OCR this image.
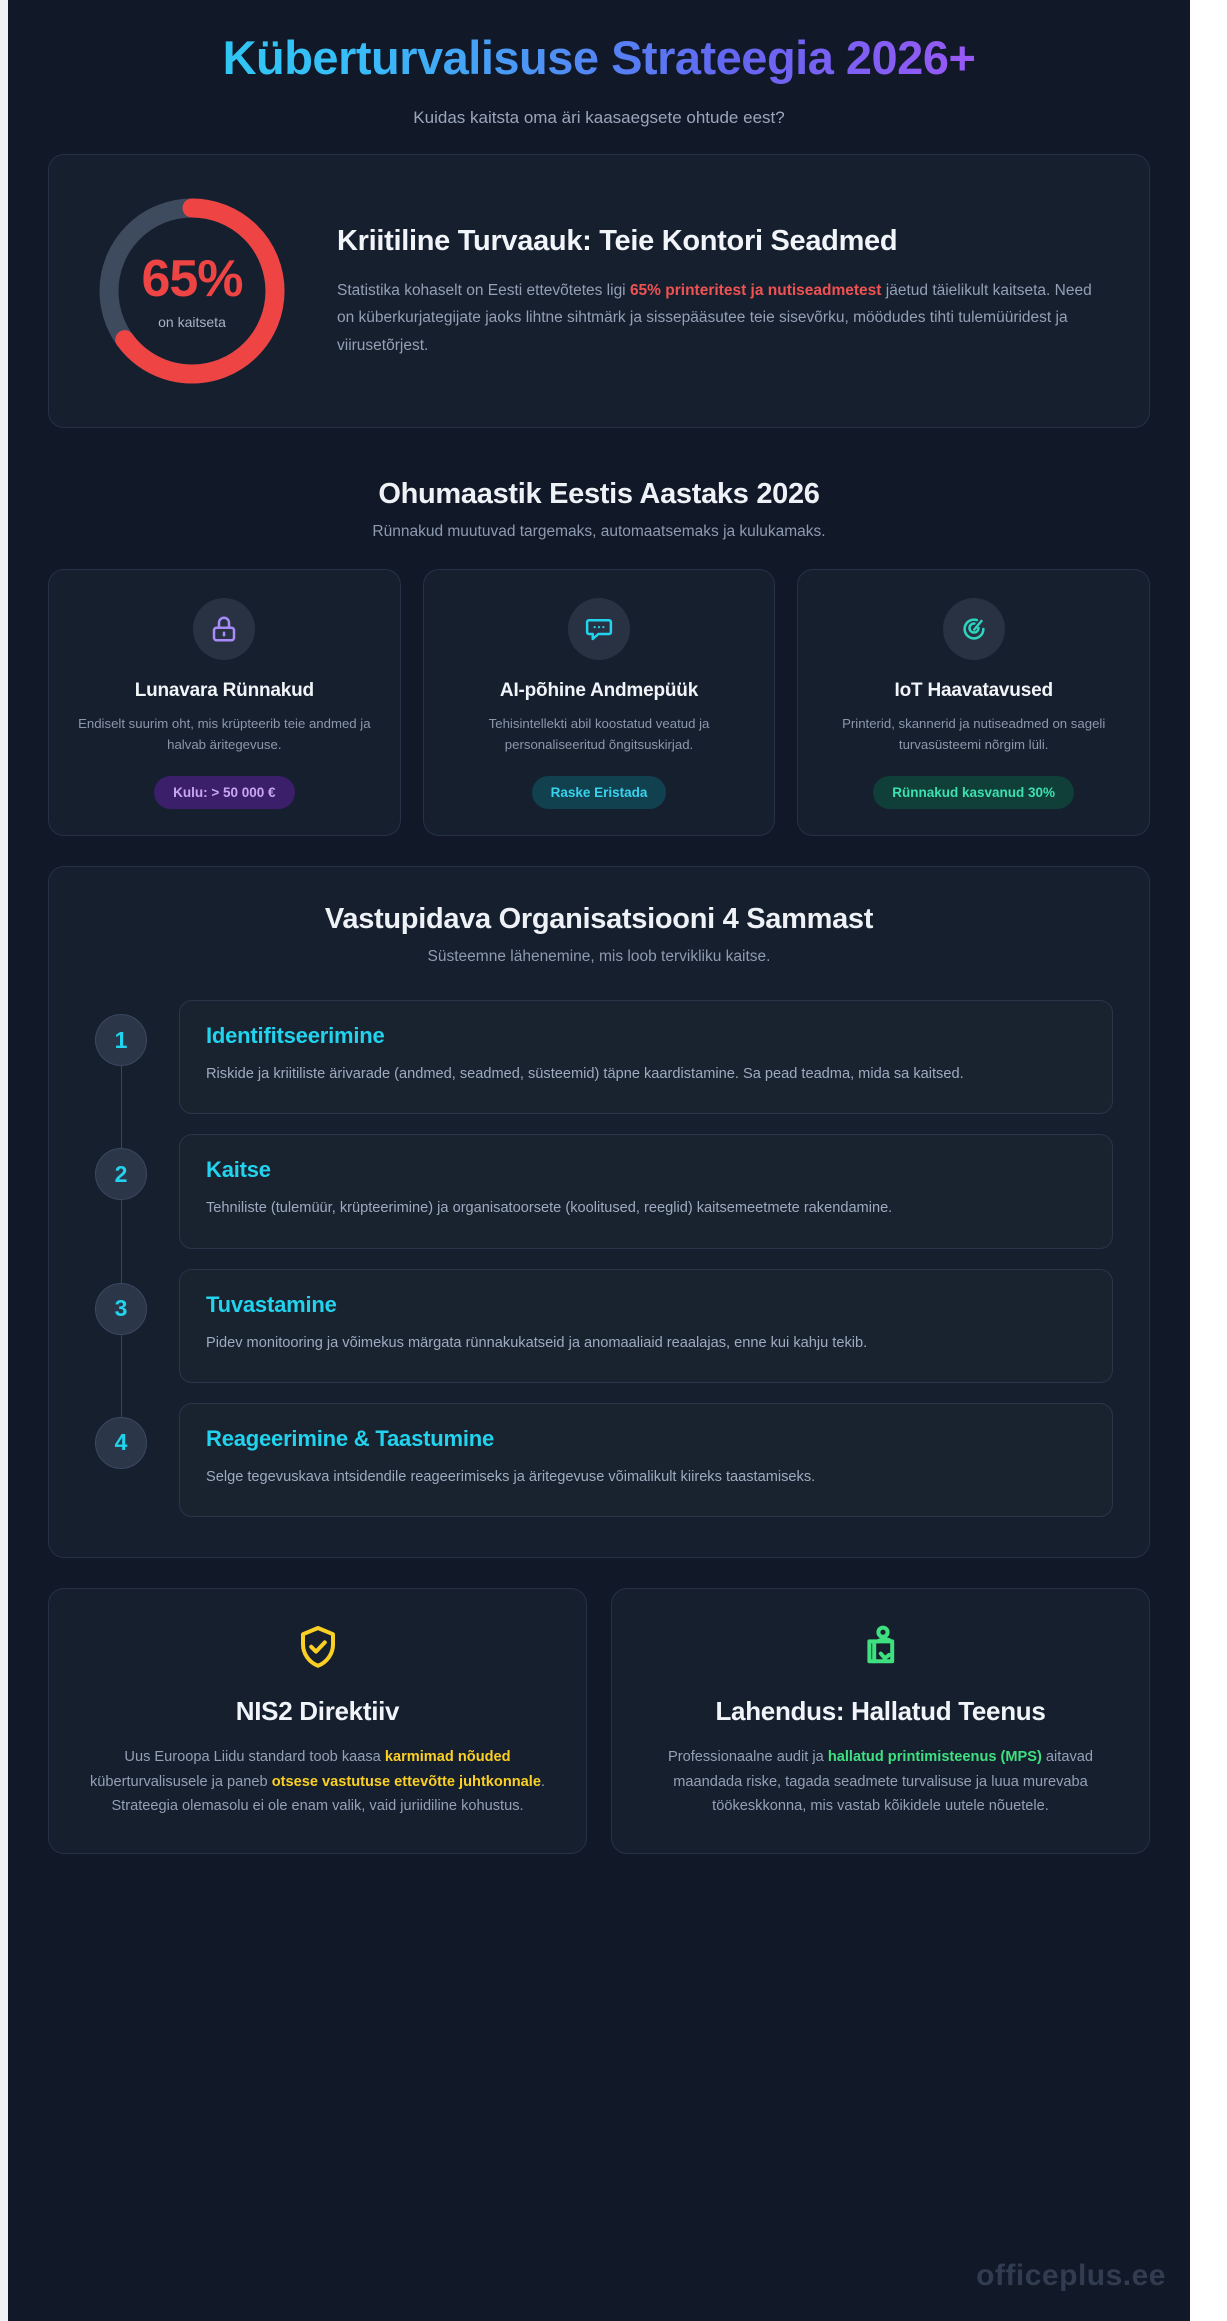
Küberturvalisuse Strateegia 2026+

Kuidas kaitsta oma äri kaasaegsete ohtude eest?

65%
on kaitseta
Kriitiline Turvaauk: Teie Kontori Seadmed

Statistika kohaselt on Eesti ettevõtetes ligi 65% printeritest ja nutiseadmetest jäetud täielikult kaitseta. Need on küberkurjategijate jaoks lihtne sihtmärk ja sissepääsutee teie sisevõrku, möödudes tihti tulemüüridest ja viirusetõrjest.

Ohumaastik Eestis Aastaks 2026

Rünnakud muutuvad targemaks, automaatsemaks ja kulukamaks.

Lunavara Rünnakud
Endiselt suurim oht, mis krüpteerib teie andmed ja halvab äritegevuse.
Kulu: > 50 000 €
AI-põhine Andmepüük
Tehisintellekti abil koostatud veatud ja personaliseeritud õngitsuskirjad.
Raske Eristada
IoT Haavatavused
Printerid, skannerid ja nutiseadmed on sageli turvasüsteemi nõrgim lüli.
Rünnakud kasvanud 30%
Vastupidava Organisatsiooni 4 Sammast

Süsteemne lähenemine, mis loob tervikliku kaitse.

1	Identifitseerimine
Riskide ja kriitiliste ärivarade (andmed, seadmed, süsteemid) täpne kaardistamine. Sa pead teadma, mida sa kaitsed.
2	Kaitse
Tehniliste (tulemüür, krüpteerimine) ja organisatoorsete (koolitused, reeglid) kaitsemeetmete rakendamine.
3	Tuvastamine
Pidev monitooring ja võimekus märgata rünnakukatseid ja anomaaliaid reaalajas, enne kui kahju tekib.
4	Reageerimine & Taastumine
Selge tegevuskava intsidendile reageerimiseks ja äritegevuse võimalikult kiireks taastamiseks.
NIS2 Direktiiv

Uus Euroopa Liidu standard toob kaasa karmimad nõuded küberturvalisusele ja paneb otsese vastutuse ettevõtte juhtkonnale. Strateegia olemasolu ei ole enam valik, vaid juriidiline kohustus.

Lahendus: Hallatud Teenus

Professionaalne audit ja hallatud printimisteenus (MPS) aitavad maandada riske, tagada seadmete turvalisuse ja luua murevaba töökeskkonna, mis vastab kõikidele uutele nõuetele.

officeplus.ee
